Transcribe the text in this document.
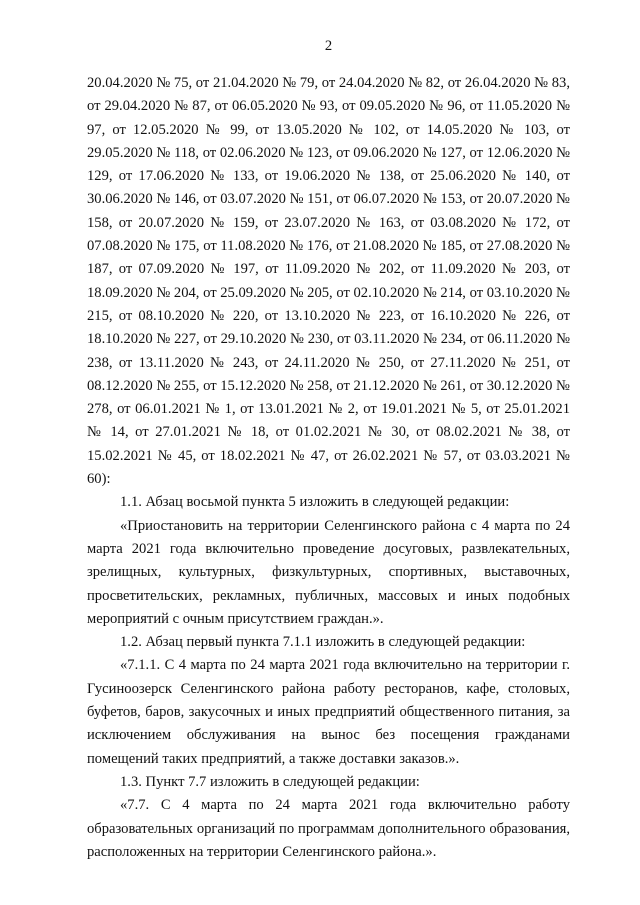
2

20.04.2020 № 75, от 21.04.2020 № 79, от 24.04.2020 № 82, от 26.04.2020 № 83, от 29.04.2020 № 87, от 06.05.2020 № 93, от 09.05.2020 № 96, от 11.05.2020 № 97, от 12.05.2020 № 99, от 13.05.2020 № 102, от 14.05.2020 № 103, от 29.05.2020 № 118, от 02.06.2020 № 123, от 09.06.2020 № 127, от 12.06.2020 № 129, от 17.06.2020 № 133, от 19.06.2020 № 138, от 25.06.2020 № 140, от 30.06.2020 № 146, от 03.07.2020 № 151, от 06.07.2020 № 153, от 20.07.2020 № 158, от 20.07.2020 № 159, от 23.07.2020 № 163, от 03.08.2020 № 172, от 07.08.2020 № 175, от 11.08.2020 № 176, от 21.08.2020 № 185, от 27.08.2020 № 187, от 07.09.2020 № 197, от 11.09.2020 № 202, от 11.09.2020 № 203, от 18.09.2020 № 204, от 25.09.2020 № 205, от 02.10.2020 № 214, от 03.10.2020 № 215, от 08.10.2020 № 220, от 13.10.2020 № 223, от 16.10.2020 № 226, от 18.10.2020 № 227, от 29.10.2020 № 230, от 03.11.2020 № 234, от 06.11.2020 № 238, от 13.11.2020 № 243, от 24.11.2020 № 250, от 27.11.2020 № 251, от 08.12.2020 № 255, от 15.12.2020 № 258, от 21.12.2020 № 261, от 30.12.2020 № 278, от 06.01.2021 № 1, от 13.01.2021 № 2, от 19.01.2021 № 5, от 25.01.2021 № 14, от 27.01.2021 № 18, от 01.02.2021 № 30, от 08.02.2021 № 38, от 15.02.2021 № 45, от 18.02.2021 № 47, от 26.02.2021 № 57, от 03.03.2021 № 60):

1.1. Абзац восьмой пункта 5 изложить в следующей редакции:

«Приостановить на территории Селенгинского района с 4 марта по 24 марта 2021 года включительно проведение досуговых, развлекательных, зрелищных, культурных, физкультурных, спортивных, выставочных, просветительских, рекламных, публичных, массовых и иных подобных мероприятий с очным присутствием граждан.».

1.2. Абзац первый пункта 7.1.1 изложить в следующей редакции:

«7.1.1. С 4 марта по 24 марта 2021 года включительно на территории г. Гусиноозерск Селенгинского района работу ресторанов, кафе, столовых, буфетов, баров, закусочных и иных предприятий общественного питания, за исключением обслуживания на вынос без посещения гражданами помещений таких предприятий, а также доставки заказов.».

1.3. Пункт 7.7 изложить в следующей редакции:

«7.7. С 4 марта по 24 марта 2021 года включительно работу образовательных организаций по программам дополнительного образования, расположенных на территории Селенгинского района.».
